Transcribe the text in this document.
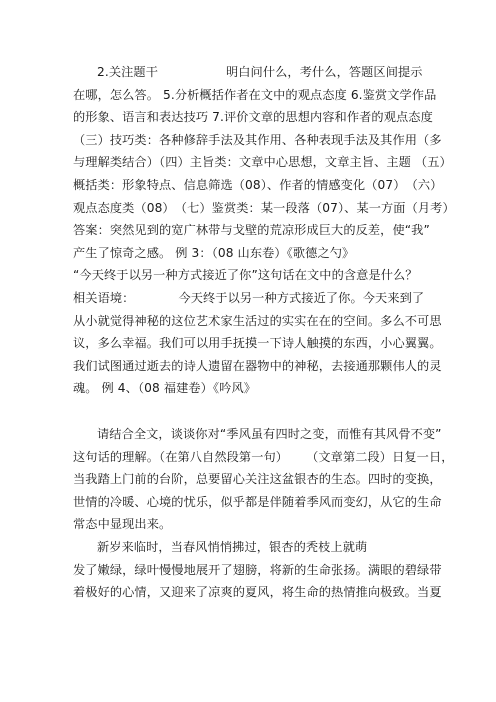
2.关注题干	明白问什么，考什么，答题区间提示
在哪，怎么答。 5.分析概括作者在文中的观点态度 6.鉴赏文学作品
的形象、语言和表达技巧 7.评价文章的思想内容和作者的观点态度
（三）技巧类：各种修辞手法及其作用、各种表现手法及其作用（多
与理解类结合）（四）主旨类：文章中心思想，文章主旨、主题 （五）
概括类：形象特点、信息筛选（08）、作者的情感变化（07）　（六）
观点态度类（08）　（七）鉴赏类：某一段落（07）、某一方面（月考）
答案：突然见到的宽广林带与戈壁的荒凉形成巨大的反差，使“我”
产生了惊奇之感。 例 3：（08 山东卷）《歌德之勺》
“今天终于以另一种方式接近了你”这句话在文中的含意是什么？
相关语境：	今天终于以另一种方式接近了你。今天来到了
从小就觉得神秘的这位艺术家生活过的实实在在的空间。多么不可思
议，多么幸福。我们可以用手抚摸一下诗人触摸的东西，小心翼翼。
我们试图通过逝去的诗人遗留在器物中的神秘，去接通那颗伟人的灵
魂。 例 4、（08 福建卷）《吟风》
请结合全文，谈谈你对“季风虽有四时之变，而惟有其风骨不变”
这句话的理解。（在第八自然段第一句） （文章第二段）日复一日，
当我踏上门前的台阶，总要留心关注这盆银杏的生态。四时的变换，
世情的冷暖、心境的忧乐，似乎都是伴随着季风而变幻，从它的生命
常态中显现出来。
新岁来临时，当春风悄悄拂过，银杏的秃枝上就萌
发了嫩绿，绿叶慢慢地展开了翅膀，将新的生命张扬。满眼的碧绿带
着极好的心情，又迎来了凉爽的夏风，将生命的热情推向极致。当夏
